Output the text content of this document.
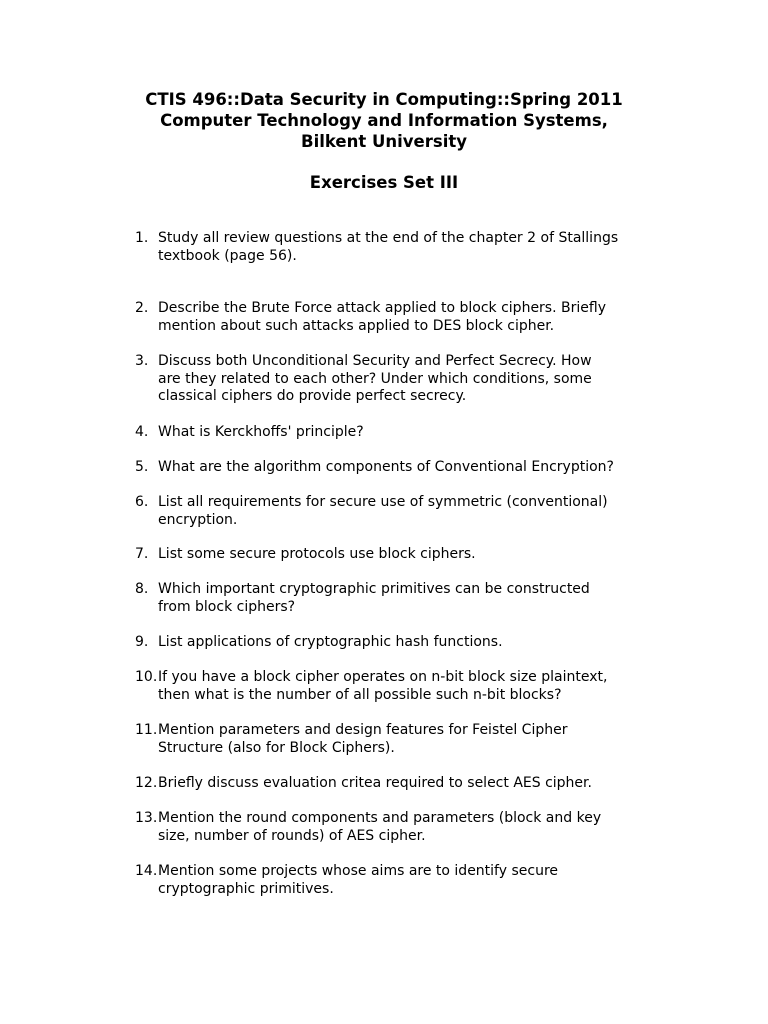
CTIS 496::Data Security in Computing::Spring 2011
Computer Technology and Information Systems,
Bilkent University
Exercises Set III
1. Study all review questions at the end of the chapter 2 of Stallings
textbook (page 56).
2. Describe the Brute Force attack applied to block ciphers. Briefly
mention about such attacks applied to DES block cipher.
3. Discuss both Unconditional Security and Perfect Secrecy. How
are they related to each other? Under which conditions, some
classical ciphers do provide perfect secrecy.
4. What is Kerckhoffs' principle?
5. What are the algorithm components of Conventional Encryption?
6. List all requirements for secure use of symmetric (conventional)
encryption.
7. List some secure protocols use block ciphers.
8. Which important cryptographic primitives can be constructed
from block ciphers?
9. List applications of cryptographic hash functions.
10. If you have a block cipher operates on n-bit block size plaintext,
then what is the number of all possible such n-bit blocks?
11. Mention parameters and design features for Feistel Cipher
Structure (also for Block Ciphers).
12. Briefly discuss evaluation critea required to select AES cipher.
13. Mention the round components and parameters (block and key
size, number of rounds) of AES cipher.
14. Mention some projects whose aims are to identify secure
cryptographic primitives.
